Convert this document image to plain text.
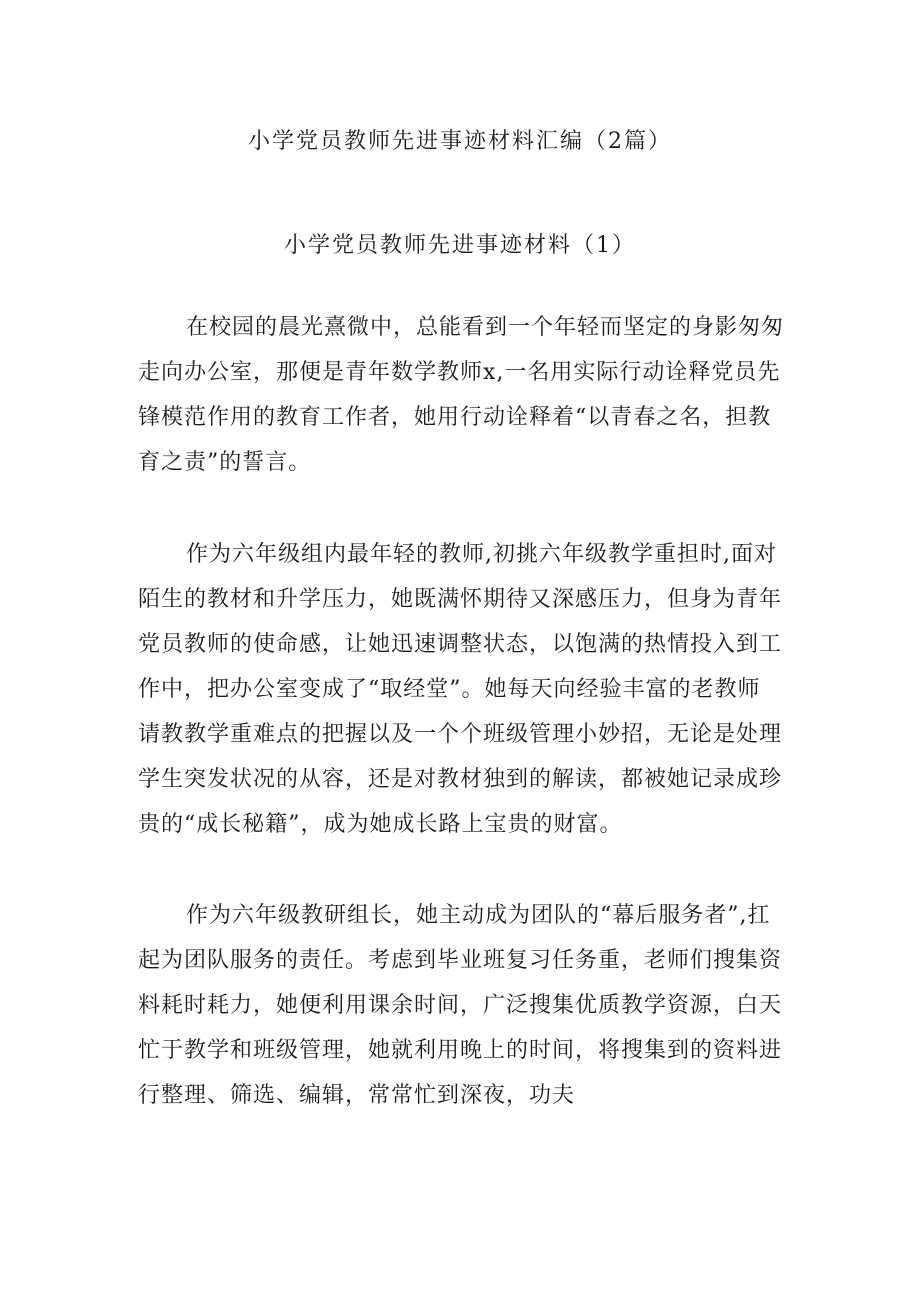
小学党员教师先进事迹材料汇编（2篇）
小学党员教师先进事迹材料（1）

在校园的晨光熹微中，总能看到一个年轻而坚定的身影匆匆
走向办公室，那便是青年数学教师x,一名用实际行动诠释党员先
锋模范作用的教育工作者，她用行动诠释着“以青春之名，担教
育之责”的誓言。

作为六年级组内最年轻的教师,初挑六年级教学重担时,面对
陌生的教材和升学压力，她既满怀期待又深感压力，但身为青年
党员教师的使命感，让她迅速调整状态，以饱满的热情投入到工
作中，把办公室变成了“取经堂”。她每天向经验丰富的老教师
请教教学重难点的把握以及一个个班级管理小妙招，无论是处理
学生突发状况的从容，还是对教材独到的解读，都被她记录成珍
贵的“成长秘籍”，成为她成长路上宝贵的财富。

作为六年级教研组长，她主动成为团队的“幕后服务者”,扛
起为团队服务的责任。考虑到毕业班复习任务重，老师们搜集资
料耗时耗力，她便利用课余时间，广泛搜集优质教学资源，白天
忙于教学和班级管理，她就利用晚上的时间，将搜集到的资料进
行整理、筛选、编辑，常常忙到深夜，功夫
